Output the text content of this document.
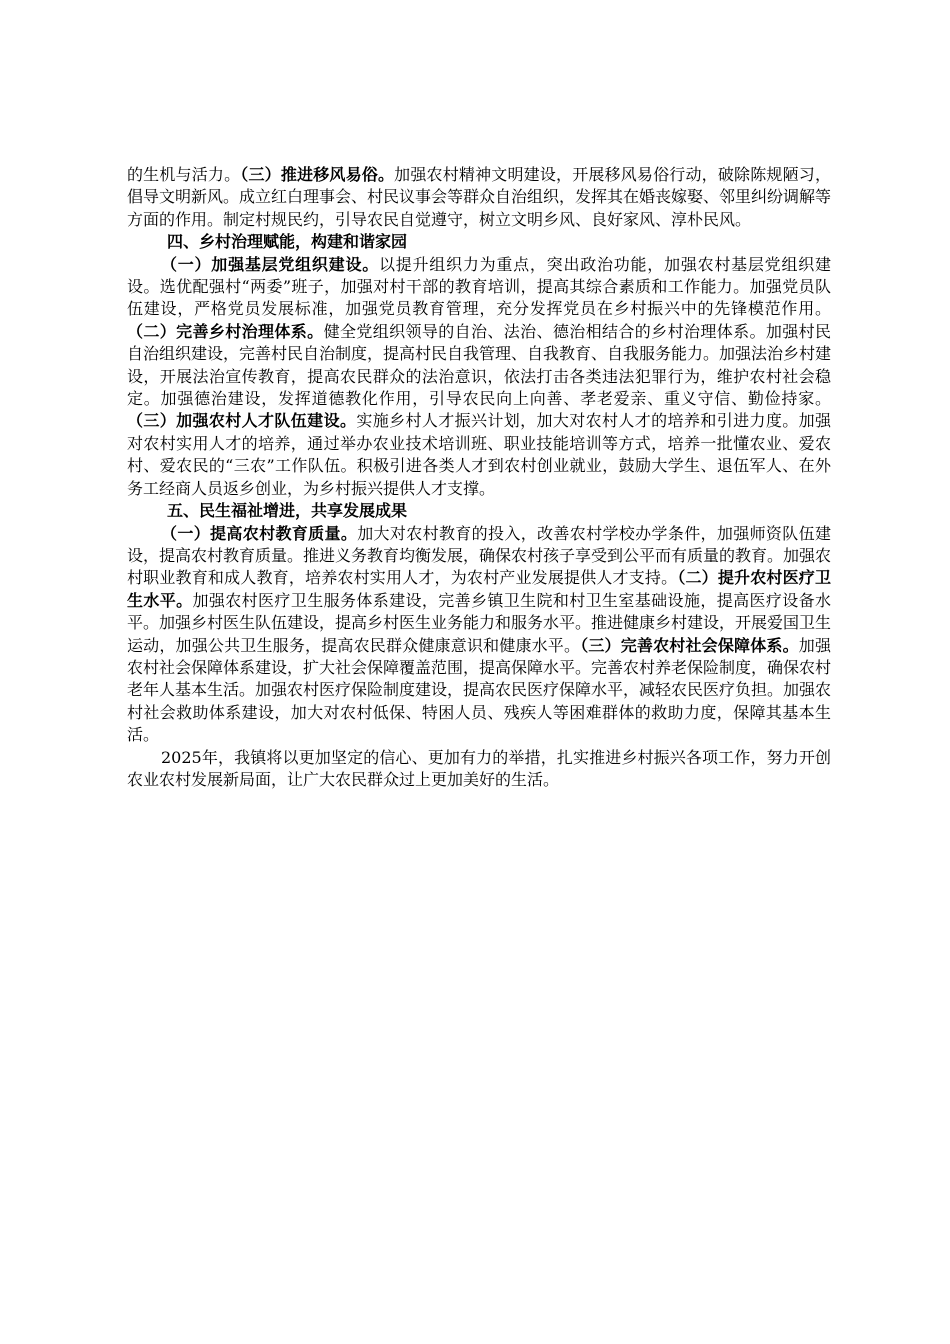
的生机与活力。（三）推进移风易俗。加强农村精神文明建设，开展移风易俗行动，破除陈规陋习，倡导文明新风。成立红白理事会、村民议事会等群众自治组织，发挥其在婚丧嫁娶、邻里纠纷调解等方面的作用。制定村规民约，引导农民自觉遵守，树立文明乡风、良好家风、淳朴民风。

四、乡村治理赋能，构建和谐家园

（一）加强基层党组织建设。以提升组织力为重点，突出政治功能，加强农村基层党组织建设。选优配强村“两委”班子，加强对村干部的教育培训，提高其综合素质和工作能力。加强党员队伍建设，严格党员发展标准，加强党员教育管理，充分发挥党员在乡村振兴中的先锋模范作用。（二）完善乡村治理体系。健全党组织领导的自治、法治、德治相结合的乡村治理体系。加强村民自治组织建设，完善村民自治制度，提高村民自我管理、自我教育、自我服务能力。加强法治乡村建设，开展法治宣传教育，提高农民群众的法治意识，依法打击各类违法犯罪行为，维护农村社会稳定。加强德治建设，发挥道德教化作用，引导农民向上向善、孝老爱亲、重义守信、勤俭持家。（三）加强农村人才队伍建设。实施乡村人才振兴计划，加大对农村人才的培养和引进力度。加强对农村实用人才的培养，通过举办农业技术培训班、职业技能培训等方式，培养一批懂农业、爱农村、爱农民的“三农”工作队伍。积极引进各类人才到农村创业就业，鼓励大学生、退伍军人、在外务工经商人员返乡创业，为乡村振兴提供人才支撑。

五、民生福祉增进，共享发展成果

（一）提高农村教育质量。加大对农村教育的投入，改善农村学校办学条件，加强师资队伍建设，提高农村教育质量。推进义务教育均衡发展，确保农村孩子享受到公平而有质量的教育。加强农村职业教育和成人教育，培养农村实用人才，为农村产业发展提供人才支持。（二）提升农村医疗卫生水平。加强农村医疗卫生服务体系建设，完善乡镇卫生院和村卫生室基础设施，提高医疗设备水平。加强乡村医生队伍建设，提高乡村医生业务能力和服务水平。推进健康乡村建设，开展爱国卫生运动，加强公共卫生服务，提高农民群众健康意识和健康水平。（三）完善农村社会保障体系。加强农村社会保障体系建设，扩大社会保障覆盖范围，提高保障水平。完善农村养老保险制度，确保农村老年人基本生活。加强农村医疗保险制度建设，提高农民医疗保障水平，减轻农民医疗负担。加强农村社会救助体系建设，加大对农村低保、特困人员、残疾人等困难群体的救助力度，保障其基本生活。

2025年，我镇将以更加坚定的信心、更加有力的举措，扎实推进乡村振兴各项工作，努力开创农业农村发展新局面，让广大农民群众过上更加美好的生活。
